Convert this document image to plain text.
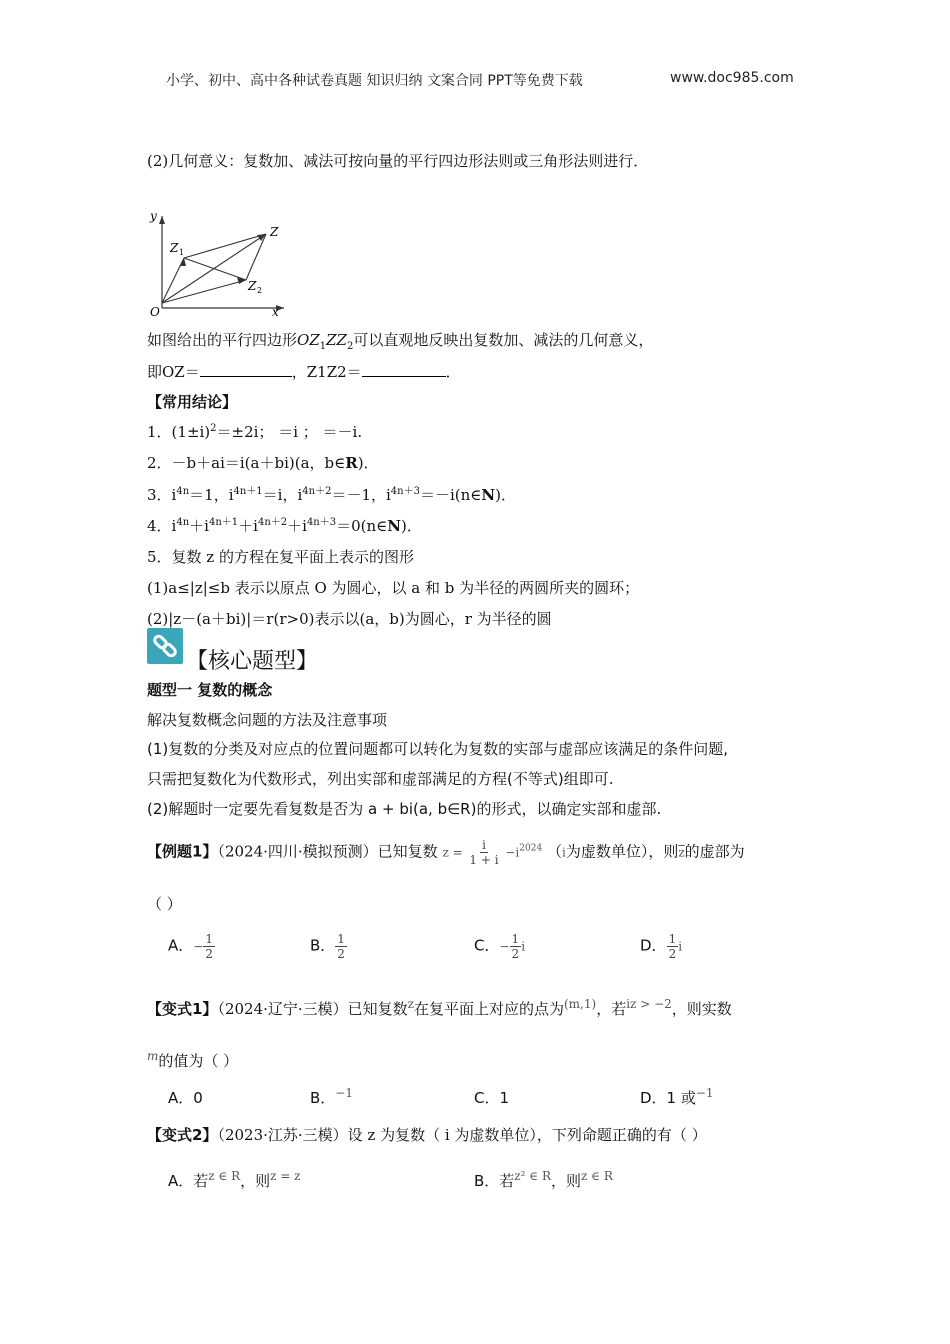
小学、初中、高中各种试卷真题 知识归纳 文案合同 PPT等免费下载	www.doc985.com
(2)几何意义：复数加、减法可按向量的平行四边形法则或三角形法则进行．
y
x
O
Z
Z 1
Z 2
如图给出的平行四边形$OZ_1ZZ_2$可以直观地反映出复数加、减法的几何意义，
即OZ＝	，Z1Z2＝	．
【常用结论】
1．$(1\pm i)^2=\pm 2i$； ＝i ； ＝－i.
2．－b＋ai＝i(a＋bi)(a，b∈R)．
3．$i^{4n}=1$，$i^{4n+1}=i$，$i^{4n+2}=-1$，$i^{4n+3}=-i(n\in N)$．
4．$i^{4n}+i^{4n+1}+i^{4n+2}+i^{4n+3}=0(n\in N)$．
5．复数 z 的方程在复平面上表示的图形
(1)a≤|z|≤b 表示以原点 O 为圆心，以 a 和 b 为半径的两圆所夹的圆环；
(2)|z－(a＋bi)|＝r(r>0)表示以(a，b)为圆心，r 为半径的圆
【核心题型】
题型一 复数的概念
解决复数概念问题的方法及注意事项
(1)复数的分类及对应点的位置问题都可以转化为复数的实部与虚部应该满足的条件问题,
只需把复数化为代数形式，列出实部和虚部满足的方程(不等式)组即可.
(2)解题时一定要先看复数是否为 a + bi(a, b∈R)的形式，以确定实部和虚部.
【例题1】（2024·四川·模拟预测）已知复数 $z = \frac{i}{1 + i} -i^{2024}$ （i为虚数单位），则$\overline{z}$的虚部为
（ ）
A．− $\frac{1}{2}$	B． $\frac{1}{2}$	C．− $\frac{1}{2}$ i	D． $\frac{1}{2}$ i
【变式1】（2024·辽宁·三模）已知复数$^z$在复平面上对应的点为$^{(m,1)}$，若$^{iz > -2}$，则实数
$^m$的值为（ ）
A．0	B．$^{-1}$	C．1	D．1 或$^{-1}$
【变式2】（2023·江苏·三模）设 z 为复数（ i 为虚数单位），下列命题正确的有（ ）
A．若$^{z \in R}$，则$^{z = z}$	B．若$^{z^2 \in R}$，则$^{z \in R}$
